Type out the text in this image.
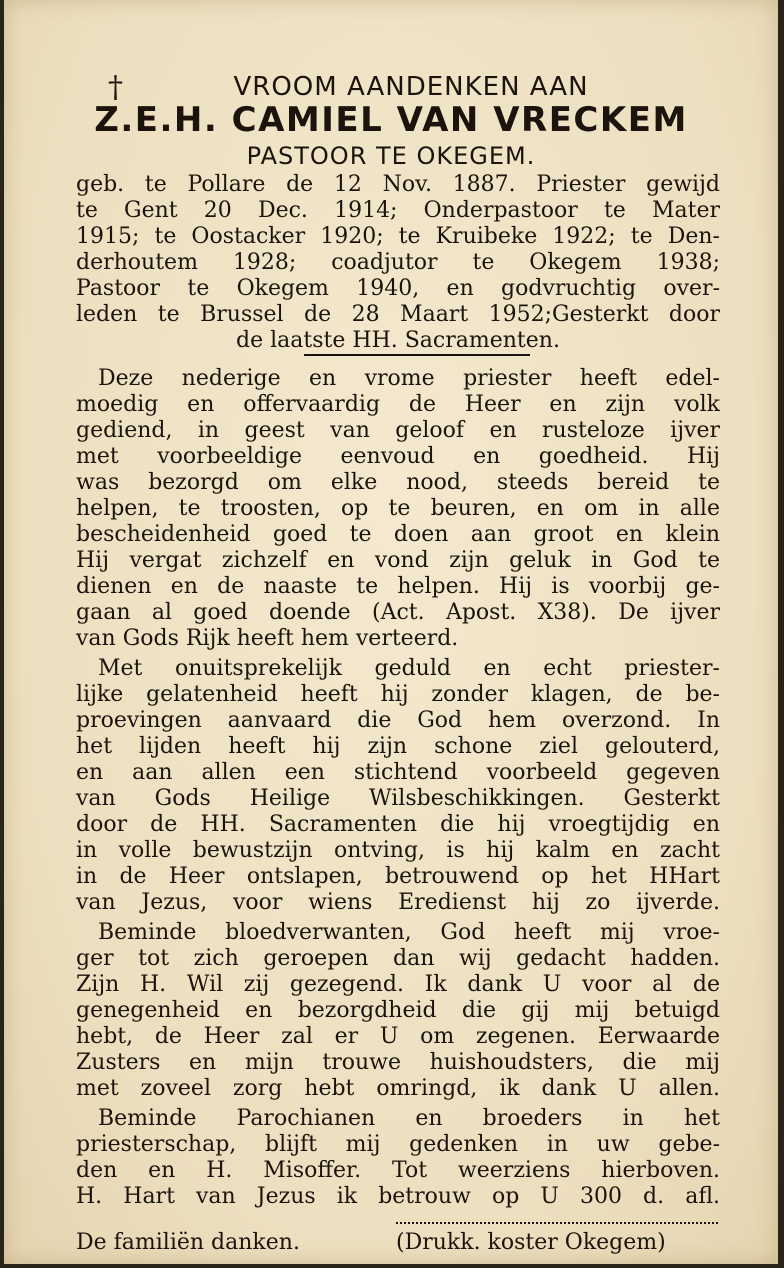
†	VROOM AANDENKEN AAN
Z.E.H. CAMIEL VAN VRECKEM
PASTOOR TE OKEGEM.
geb. te Pollare de 12 Nov. 1887. Priester gewijd
te Gent 20 Dec. 1914; Onderpastoor te Mater
1915; te Oostacker 1920; te Kruibeke 1922; te Den-
derhoutem 1928; coadjutor te Okegem 1938;
Pastoor te Okegem 1940, en godvruchtig over-
leden te Brussel de 28 Maart 1952;Gesterkt door
de laatste HH. Sacramenten.
Deze nederige en vrome priester heeft edel-
moedig en offervaardig de Heer en zijn volk
gediend, in geest van geloof en rusteloze ijver
met voorbeeldige eenvoud en goedheid. Hij
was bezorgd om elke nood, steeds bereid te
helpen, te troosten, op te beuren, en om in alle
bescheidenheid goed te doen aan groot en klein
Hij vergat zichzelf en vond zijn geluk in God te
dienen en de naaste te helpen. Hij is voorbij ge-
gaan al goed doende (Act. Apost. X38). De ijver
van Gods Rijk heeft hem verteerd.
Met onuitsprekelijk geduld en echt priester-
lijke gelatenheid heeft hij zonder klagen, de be-
proevingen aanvaard die God hem overzond. In
het lijden heeft hij zijn schone ziel gelouterd,
en aan allen een stichtend voorbeeld gegeven
van Gods Heilige Wilsbeschikkingen. Gesterkt
door de HH. Sacramenten die hij vroegtijdig en
in volle bewustzijn ontving, is hij kalm en zacht
in de Heer ontslapen, betrouwend op het HHart
van Jezus, voor wiens Eredienst hij zo ijverde.
Beminde bloedverwanten, God heeft mij vroe-
ger tot zich geroepen dan wij gedacht hadden.
Zijn H. Wil zij gezegend. Ik dank U voor al de
genegenheid en bezorgdheid die gij mij betuigd
hebt, de Heer zal er U om zegenen. Eerwaarde
Zusters en mijn trouwe huishoudsters, die mij
met zoveel zorg hebt omringd, ik dank U allen.
Beminde Parochianen en broeders in het
priesterschap, blijft mij gedenken in uw gebe-
den en H. Misoffer. Tot weerziens hierboven.
H. Hart van Jezus ik betrouw op U 300 d. afl.
De familiën danken.	(Drukk. koster Okegem)
